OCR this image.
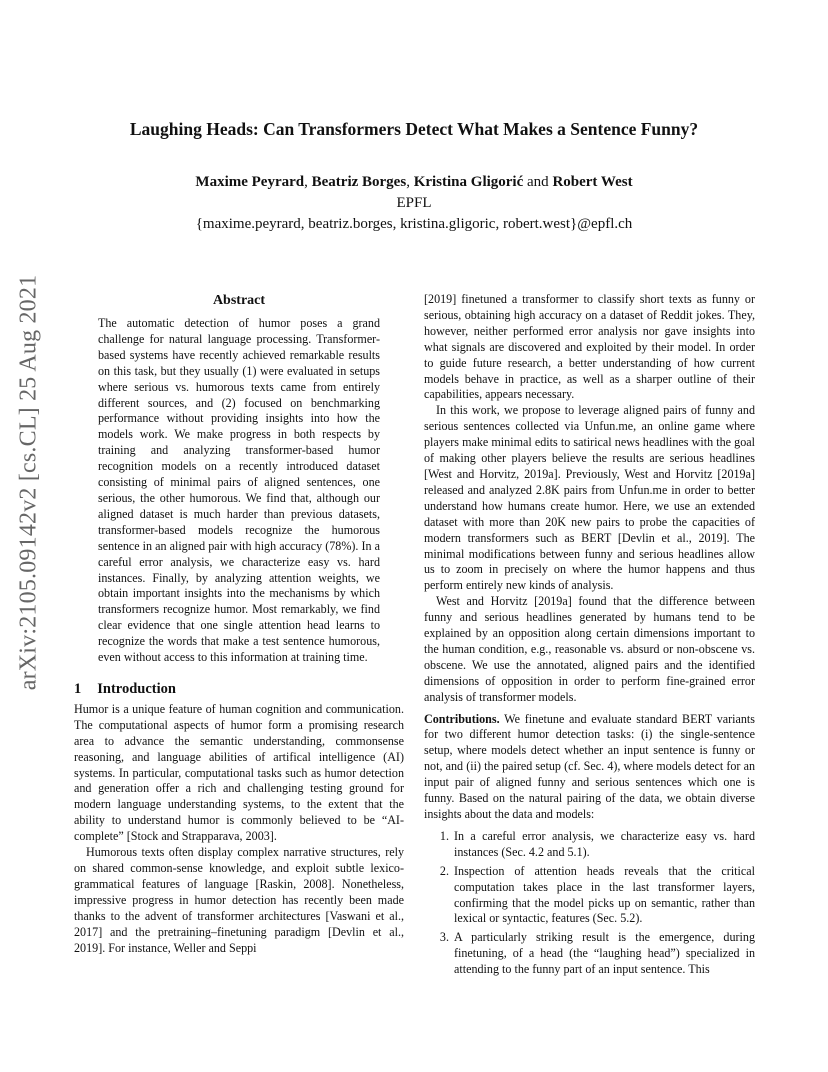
arXiv:2105.09142v2 [cs.CL] 25 Aug 2021
Laughing Heads: Can Transformers Detect What Makes a Sentence Funny?
Maxime Peyrard, Beatriz Borges, Kristina Gligorić and Robert West
EPFL
{maxime.peyrard, beatriz.borges, kristina.gligoric, robert.west}@epfl.ch
Abstract

The automatic detection of humor poses a grand challenge for natural language processing. Transformer-based systems have recently achieved remarkable results on this task, but they usually (1) were evaluated in setups where serious vs. humorous texts came from entirely different sources, and (2) focused on benchmarking performance without providing insights into how the models work. We make progress in both respects by training and analyzing transformer-based humor recognition models on a recently introduced dataset consisting of minimal pairs of aligned sentences, one serious, the other humorous. We find that, although our aligned dataset is much harder than previous datasets, transformer-based models recognize the humorous sentence in an aligned pair with high accuracy (78%). In a careful error analysis, we characterize easy vs. hard instances. Finally, by analyzing attention weights, we obtain important insights into the mechanisms by which transformers recognize humor. Most remarkably, we find clear evidence that one single attention head learns to recognize the words that make a test sentence humorous, even without access to this information at training time.

1 Introduction

Humor is a unique feature of human cognition and communication. The computational aspects of humor form a promising research area to advance the semantic understanding, commonsense reasoning, and language abilities of artifical intelligence (AI) systems. In particular, computational tasks such as humor detection and generation offer a rich and challenging testing ground for modern language understanding systems, to the extent that the ability to understand humor is commonly believed to be “AI-complete” [Stock and Strapparava, 2003].

Humorous texts often display complex narrative structures, rely on shared common-sense knowledge, and exploit subtle lexico-grammatical features of language [Raskin, 2008]. Nonetheless, impressive progress in humor detection has recently been made thanks to the advent of transformer architectures [Vaswani et al., 2017] and the pretraining–finetuning paradigm [Devlin et al., 2019]. For instance, Weller and Seppi

[2019] finetuned a transformer to classify short texts as funny or serious, obtaining high accuracy on a dataset of Reddit jokes. They, however, neither performed error analysis nor gave insights into what signals are discovered and exploited by their model. In order to guide future research, a better understanding of how current models behave in practice, as well as a sharper outline of their capabilities, appears necessary.

In this work, we propose to leverage aligned pairs of funny and serious sentences collected via Unfun.me, an online game where players make minimal edits to satirical news headlines with the goal of making other players believe the results are serious headlines [West and Horvitz, 2019a]. Previously, West and Horvitz [2019a] released and analyzed 2.8K pairs from Unfun.me in order to better understand how humans create humor. Here, we use an extended dataset with more than 20K new pairs to probe the capacities of modern transformers such as BERT [Devlin et al., 2019]. The minimal modifications between funny and serious headlines allow us to zoom in precisely on where the humor happens and thus perform entirely new kinds of analysis.

West and Horvitz [2019a] found that the difference between funny and serious headlines generated by humans tend to be explained by an opposition along certain dimensions important to the human condition, e.g., reasonable vs. absurd or non-obscene vs. obscene. We use the annotated, aligned pairs and the identified dimensions of opposition in order to perform fine-grained error analysis of transformer models.

Contributions. We finetune and evaluate standard BERT variants for two different humor detection tasks: (i) the single-sentence setup, where models detect whether an input sentence is funny or not, and (ii) the paired setup (cf. Sec. 4), where models detect for an input pair of aligned funny and serious sentences which one is funny. Based on the natural pairing of the data, we obtain diverse insights about the data and models:

1. In a careful error analysis, we characterize easy vs. hard instances (Sec. 4.2 and 5.1).
2. Inspection of attention heads reveals that the critical computation takes place in the last transformer layers, confirming that the model picks up on semantic, rather than lexical or syntactic, features (Sec. 5.2).
3. A particularly striking result is the emergence, during finetuning, of a head (the “laughing head”) specialized in attending to the funny part of an input sentence. This
